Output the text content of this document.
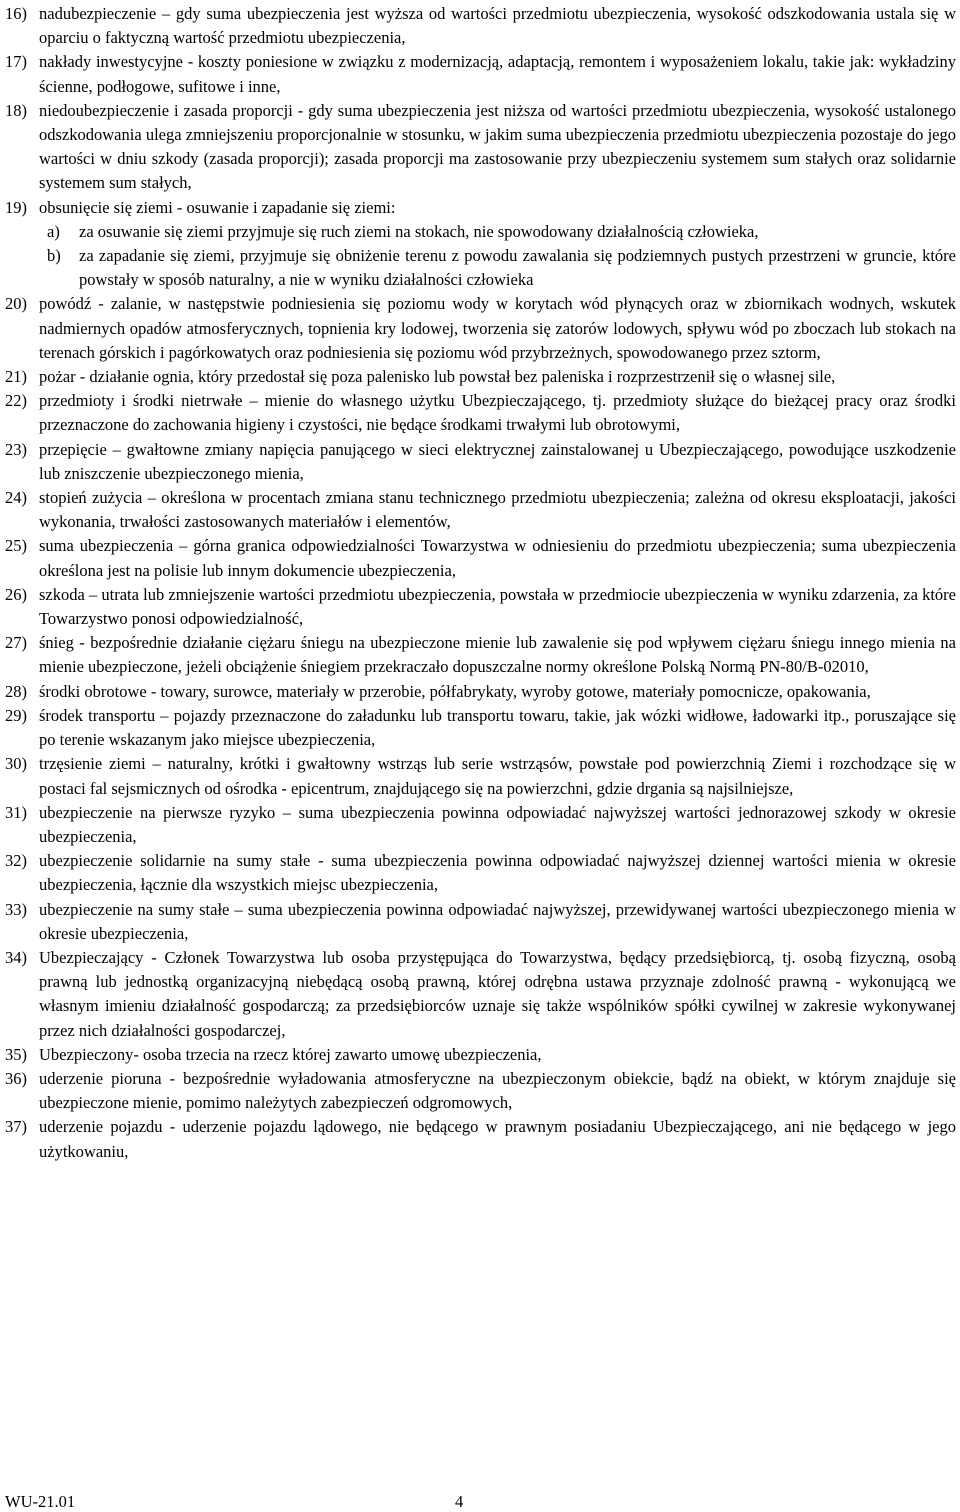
16) nadubezpieczenie – gdy suma ubezpieczenia jest wyższa od wartości przedmiotu ubezpieczenia, wysokość odszkodowania ustala się w oparciu o faktyczną wartość przedmiotu ubezpieczenia,
17) nakłady inwestycyjne - koszty poniesione w związku z modernizacją, adaptacją, remontem i wyposażeniem lokalu, takie jak: wykładziny ścienne, podłogowe, sufitowe i inne,
18) niedoubezpieczenie i zasada proporcji - gdy suma ubezpieczenia jest niższa od wartości przedmiotu ubezpieczenia, wysokość ustalonego odszkodowania ulega zmniejszeniu proporcjonalnie w stosunku, w jakim suma ubezpieczenia przedmiotu ubezpieczenia pozostaje do jego wartości w dniu szkody (zasada proporcji); zasada proporcji ma zastosowanie przy ubezpieczeniu systemem sum stałych oraz solidarnie systemem sum stałych,
19) obsunięcie się ziemi - osuwanie i zapadanie się ziemi:
a)	za osuwanie się ziemi przyjmuje się ruch ziemi na stokach, nie spowodowany działalnością człowieka,
b)	za zapadanie się ziemi, przyjmuje się obniżenie terenu z powodu zawalania się podziemnych pustych przestrzeni w gruncie, które powstały w sposób naturalny, a nie w wyniku działalności człowieka
20) powódź - zalanie, w następstwie podniesienia się poziomu wody w korytach wód płynących oraz w zbiornikach wodnych, wskutek nadmiernych opadów atmosferycznych, topnienia kry lodowej, tworzenia się zatorów lodowych, spływu wód po zboczach lub stokach na terenach górskich i pagórkowatych oraz podniesienia się poziomu wód przybrzeżnych, spowodowanego przez sztorm,
21) pożar - działanie ognia, który przedostał się poza palenisko lub powstał bez paleniska i rozprzestrzenił się o własnej sile,
22) przedmioty i środki nietrwałe – mienie do własnego użytku Ubezpieczającego, tj. przedmioty służące do bieżącej pracy oraz środki przeznaczone do zachowania higieny i czystości, nie będące środkami trwałymi lub obrotowymi,
23) przepięcie – gwałtowne zmiany napięcia panującego w sieci elektrycznej zainstalowanej u Ubezpieczającego, powodujące uszkodzenie lub zniszczenie ubezpieczonego mienia,
24) stopień zużycia – określona w procentach zmiana stanu technicznego przedmiotu ubezpieczenia; zależna od okresu eksploatacji, jakości wykonania, trwałości zastosowanych materiałów i elementów,
25) suma ubezpieczenia – górna granica odpowiedzialności Towarzystwa w odniesieniu do przedmiotu ubezpieczenia; suma ubezpieczenia określona jest na polisie lub innym dokumencie ubezpieczenia,
26) szkoda – utrata lub zmniejszenie wartości przedmiotu ubezpieczenia, powstała w przedmiocie ubezpieczenia w wyniku zdarzenia, za które Towarzystwo ponosi odpowiedzialność,
27) śnieg - bezpośrednie działanie ciężaru śniegu na ubezpieczone mienie lub zawalenie się pod wpływem ciężaru śniegu innego mienia na mienie ubezpieczone, jeżeli obciążenie śniegiem przekraczało dopuszczalne normy określone Polską Normą PN-80/B-02010,
28) środki obrotowe - towary, surowce, materiały w przerobie, półfabrykaty, wyroby gotowe, materiały pomocnicze, opakowania,
29) środek transportu – pojazdy przeznaczone do załadunku lub transportu towaru, takie, jak wózki widłowe, ładowarki itp., poruszające się po terenie wskazanym jako miejsce ubezpieczenia,
30) trzęsienie ziemi – naturalny, krótki i gwałtowny wstrząs lub serie wstrząsów, powstałe pod powierzchnią Ziemi i rozchodzące się w postaci fal sejsmicznych od ośrodka - epicentrum, znajdującego się na powierzchni, gdzie drgania są najsilniejsze,
31) ubezpieczenie na pierwsze ryzyko – suma ubezpieczenia powinna odpowiadać najwyższej wartości jednorazowej szkody w okresie ubezpieczenia,
32) ubezpieczenie solidarnie na sumy stałe - suma ubezpieczenia powinna odpowiadać najwyższej dziennej wartości mienia w okresie ubezpieczenia, łącznie dla wszystkich miejsc ubezpieczenia,
33) ubezpieczenie na sumy stałe – suma ubezpieczenia powinna odpowiadać najwyższej, przewidywanej wartości ubezpieczonego mienia w okresie ubezpieczenia,
34) Ubezpieczający - Członek Towarzystwa lub osoba przystępująca do Towarzystwa, będący przedsiębiorcą, tj. osobą fizyczną, osobą prawną lub jednostką organizacyjną niebędącą osobą prawną, której odrębna ustawa przyznaje zdolność prawną - wykonującą we własnym imieniu działalność gospodarczą; za przedsiębiorców uznaje się także wspólników spółki cywilnej w zakresie wykonywanej przez nich działalności gospodarczej,
35) Ubezpieczony- osoba trzecia na rzecz której zawarto umowę ubezpieczenia,
36) uderzenie pioruna - bezpośrednie wyładowania atmosferyczne na ubezpieczonym obiekcie, bądź na obiekt, w którym znajduje się ubezpieczone mienie, pomimo należytych zabezpieczeń odgromowych,
37) uderzenie pojazdu - uderzenie pojazdu lądowego, nie będącego w prawnym posiadaniu Ubezpieczającego, ani nie będącego w jego użytkowaniu,
WU-21.01	4
